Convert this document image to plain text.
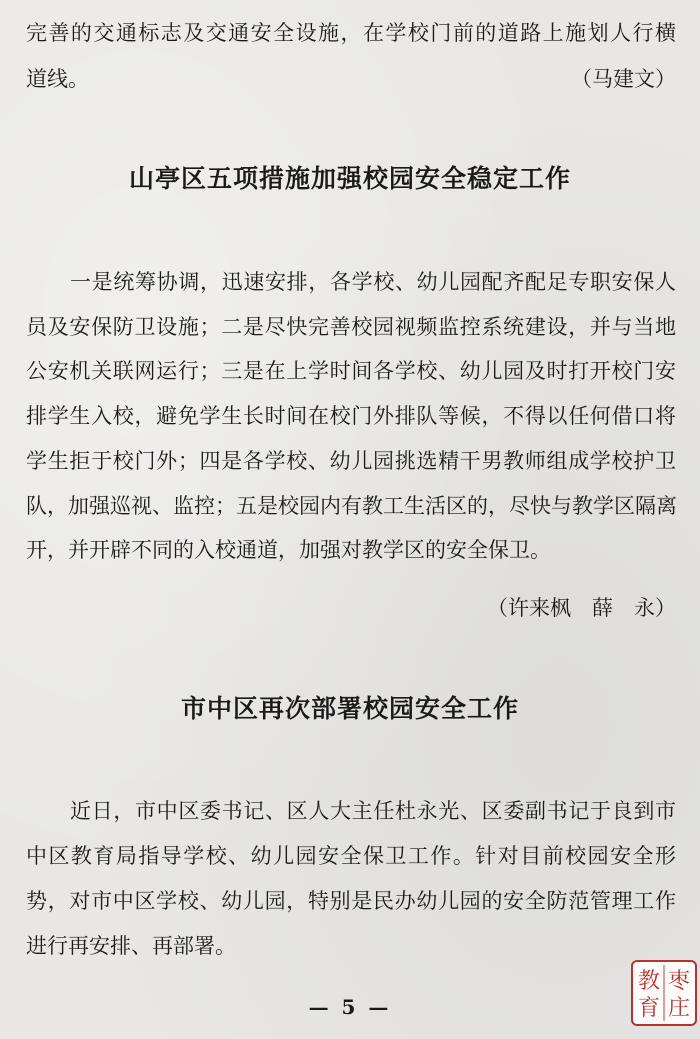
完善的交通标志及交通安全设施，在学校门前的道路上施划人行横
道线。	（马建文）
山亭区五项措施加强校园安全稳定工作
一是统筹协调，迅速安排，各学校、幼儿园配齐配足专职安保人
员及安保防卫设施；二是尽快完善校园视频监控系统建设，并与当地
公安机关联网运行；三是在上学时间各学校、幼儿园及时打开校门安
排学生入校，避免学生长时间在校门外排队等候，不得以任何借口将
学生拒于校门外；四是各学校、幼儿园挑选精干男教师组成学校护卫
队，加强巡视、监控；五是校园内有教工生活区的，尽快与教学区隔离
开，并开辟不同的入校通道，加强对教学区的安全保卫。
（许来枫　薛　永）
市中区再次部署校园安全工作
近日，市中区委书记、区人大主任杜永光、区委副书记于良到市
中区教育局指导学校、幼儿园安全保卫工作。针对目前校园安全形
势，对市中区学校、幼儿园，特别是民办幼儿园的安全防范管理工作
进行再安排、再部署。
— 5 —
枣
庄
教
育
